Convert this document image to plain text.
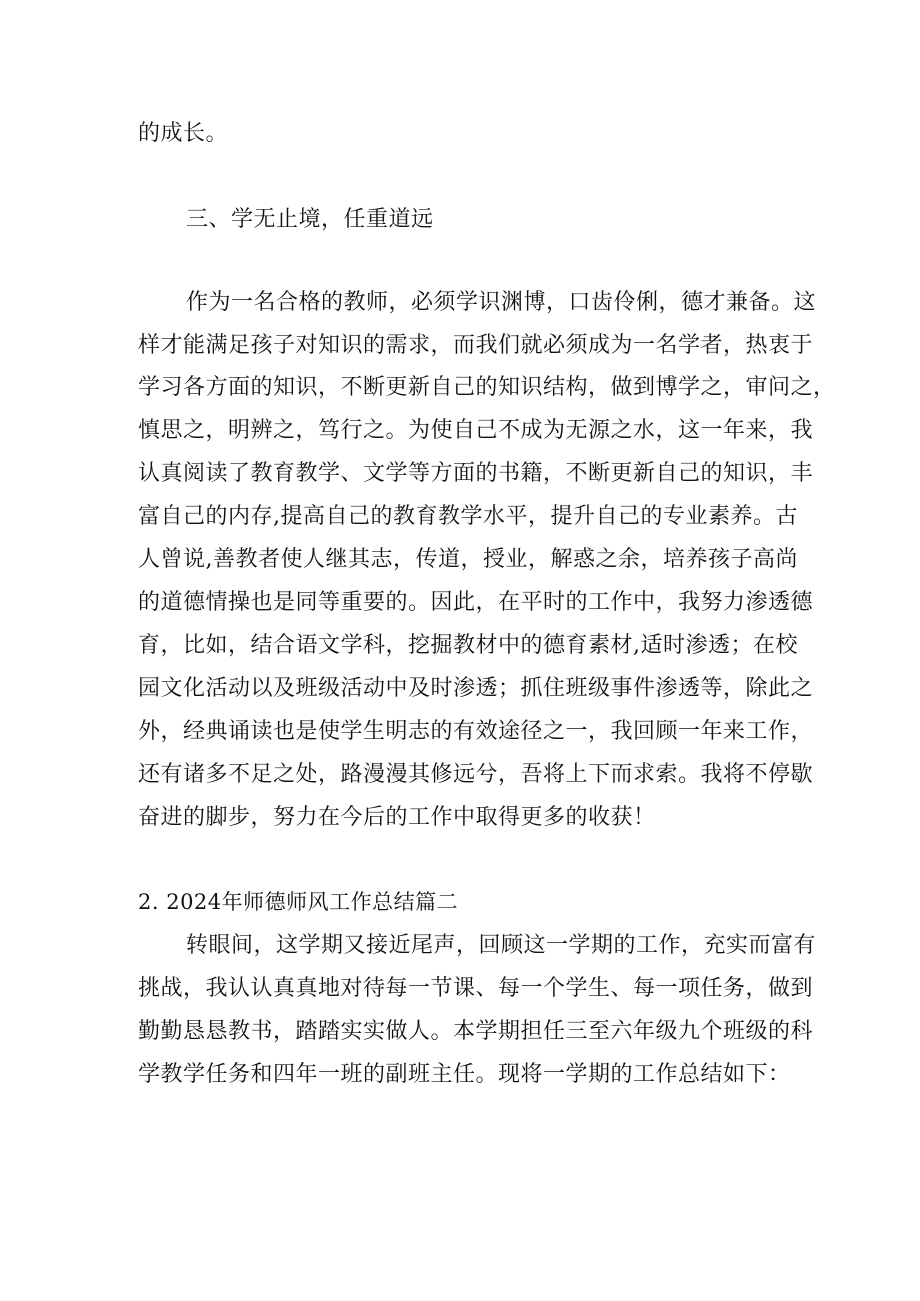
的成长。
三、学无止境，任重道远
作为一名合格的教师，必须学识渊博，口齿伶俐，德才兼备。这
样才能满足孩子对知识的需求，而我们就必须成为一名学者，热衷于
学习各方面的知识，不断更新自己的知识结构，做到博学之，审问之，
慎思之，明辨之，笃行之。为使自己不成为无源之水，这一年来，我
认真阅读了教育教学、文学等方面的书籍，不断更新自己的知识，丰
富自己的内存,提高自己的教育教学水平，提升自己的专业素养。古
人曾说,善教者使人继其志，传道，授业，解惑之余，培养孩子高尚
的道德情操也是同等重要的。因此，在平时的工作中，我努力渗透德
育，比如，结合语文学科，挖掘教材中的德育素材,适时渗透；在校
园文化活动以及班级活动中及时渗透；抓住班级事件渗透等，除此之
外，经典诵读也是使学生明志的有效途径之一，我回顾一年来工作，
还有诸多不足之处，路漫漫其修远兮，吾将上下而求索。我将不停歇
奋进的脚步，努力在今后的工作中取得更多的收获！
2. 2024年师德师风工作总结篇二
转眼间，这学期又接近尾声，回顾这一学期的工作，充实而富有
挑战，我认认真真地对待每一节课、每一个学生、每一项任务，做到
勤勤恳恳教书，踏踏实实做人。本学期担任三至六年级九个班级的科
学教学任务和四年一班的副班主任。现将一学期的工作总结如下：
